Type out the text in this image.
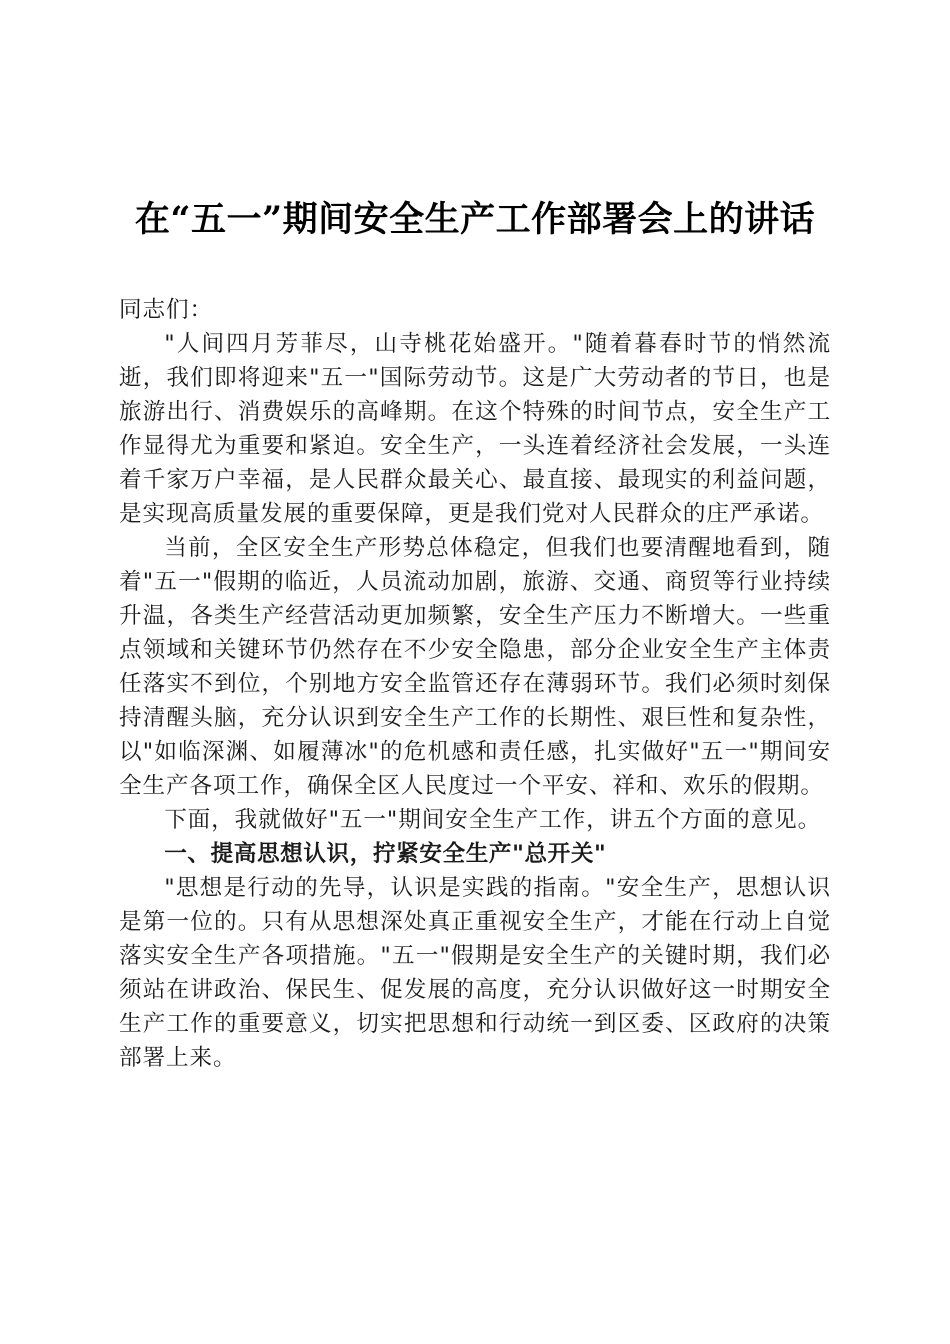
在“五一”期间安全生产工作部署会上的讲话

同志们：

"人间四月芳菲尽，山寺桃花始盛开。"随着暮春时节的悄然流逝，我们即将迎来"五一"国际劳动节。这是广大劳动者的节日，也是旅游出行、消费娱乐的高峰期。在这个特殊的时间节点，安全生产工作显得尤为重要和紧迫。安全生产，一头连着经济社会发展，一头连着千家万户幸福，是人民群众最关心、最直接、最现实的利益问题，是实现高质量发展的重要保障，更是我们党对人民群众的庄严承诺。

当前，全区安全生产形势总体稳定，但我们也要清醒地看到，随着"五一"假期的临近，人员流动加剧，旅游、交通、商贸等行业持续升温，各类生产经营活动更加频繁，安全生产压力不断增大。一些重点领域和关键环节仍然存在不少安全隐患，部分企业安全生产主体责任落实不到位，个别地方安全监管还存在薄弱环节。我们必须时刻保持清醒头脑，充分认识到安全生产工作的长期性、艰巨性和复杂性，以"如临深渊、如履薄冰"的危机感和责任感，扎实做好"五一"期间安全生产各项工作，确保全区人民度过一个平安、祥和、欢乐的假期。

下面，我就做好"五一"期间安全生产工作，讲五个方面的意见。

一、提高思想认识，拧紧安全生产"总开关"

"思想是行动的先导，认识是实践的指南。"安全生产，思想认识是第一位的。只有从思想深处真正重视安全生产，才能在行动上自觉落实安全生产各项措施。"五一"假期是安全生产的关键时期，我们必须站在讲政治、保民生、促发展的高度，充分认识做好这一时期安全生产工作的重要意义，切实把思想和行动统一到区委、区政府的决策部署上来。
